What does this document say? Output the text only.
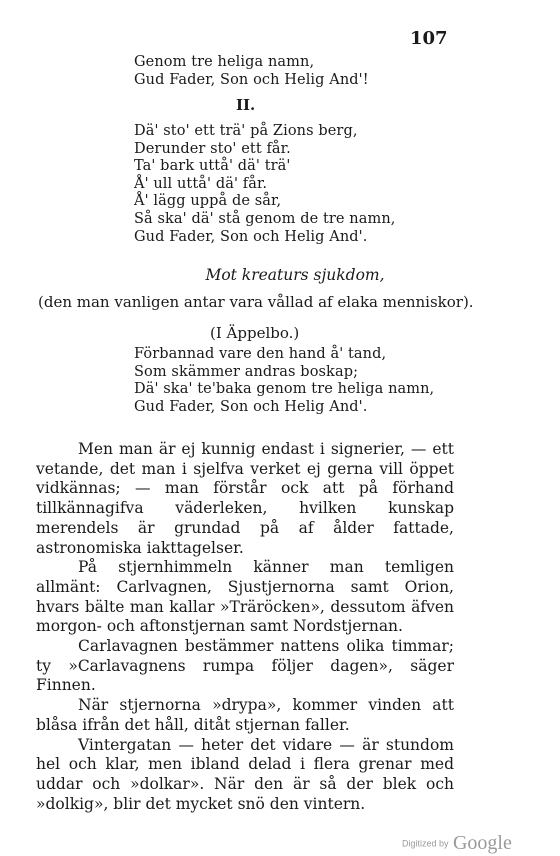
107
Genom tre heliga namn,
Gud Fader, Son och Helig And'!
II.
Dä' sto' ett trä' på Zions berg,
Derunder sto' ett får.
Ta' bark uttå' dä' trä'
Å' ull uttå' dä' får.
Å' lägg uppå de sår,
Så ska' dä' stå genom de tre namn,
Gud Fader, Son och Helig And'.
Mot kreaturs sjukdom,
(den man vanligen antar vara vållad af elaka menniskor).
(I Äppelbo.)
Förbannad vare den hand å' tand,
Som skämmer andras boskap;
Dä' ska' te'baka genom tre heliga namn,
Gud Fader, Son och Helig And'.

Men man är ej kunnig endast i signerier, — ett vetande, det man i sjelfva verket ej gerna vill öppet vidkännas; — man förstår ock att på förhand tillkännagifva väderleken, hvilken kunskap merendels är grundad på af ålder fattade, astronomiska iakttagelser.

På stjernhimmeln känner man temligen allmänt: Carlvagnen, Sjustjernorna samt Orion, hvars bälte man kallar »Träröcken», dessutom äfven morgon- och aftonstjernan samt Nordstjernan.

Carlavagnen bestämmer nattens olika timmar; ty »Carlavagnens rumpa följer dagen», säger Finnen.

När stjernorna »drypa», kommer vinden att blåsa ifrån det håll, ditåt stjernan faller.

Vintergatan — heter det vidare — är stundom hel och klar, men ibland delad i flera grenar med uddar och »dolkar». När den är så der blek och »dolkig», blir det mycket snö den vintern.

Digitized by Google
